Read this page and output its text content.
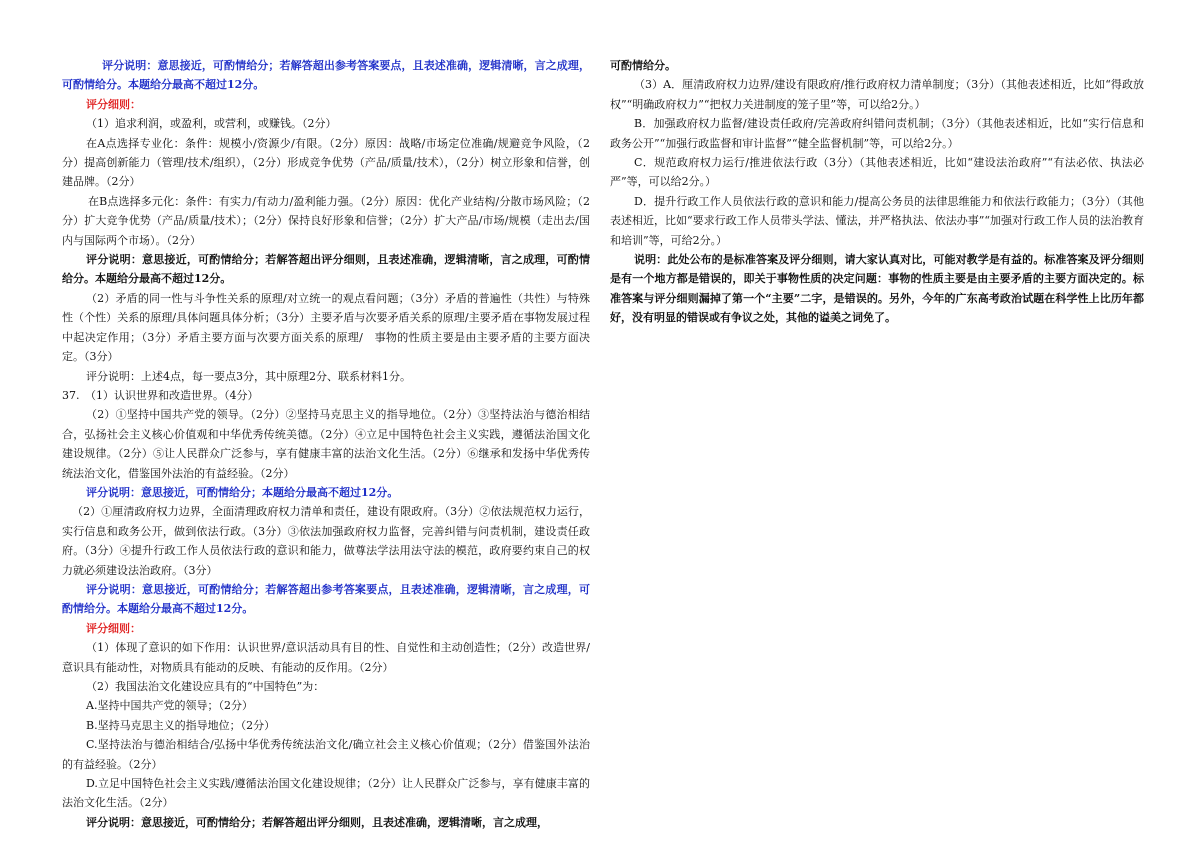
评分说明：意思接近，可酌情给分；若解答超出参考答案要点，且表述准确，逻辑清晰，言之成理，可酌情给分。本题给分最高不超过12分。

评分细则：

（1）追求利润，或盈利，或营利，或赚钱。（2分）

在A点选择专业化：条件：规模小/资源少/有限。（2分）原因：战略/市场定位准确/规避竞争风险，（2分）提高创新能力（管理/技术/组织），（2分）形成竞争优势（产品/质量/技术），（2分）树立形象和信誉，创建品牌。（2分）

在B点选择多元化：条件：有实力/有动力/盈利能力强。（2分）原因：优化产业结构/分散市场风险；（2分）扩大竞争优势（产品/质量/技术）；（2分）保持良好形象和信誉；（2分）扩大产品/市场/规模（走出去/国内与国际两个市场）。（2分）

评分说明：意思接近，可酌情给分；若解答超出评分细则，且表述准确，逻辑清晰，言之成理，可酌情给分。本题给分最高不超过12分。

（2）矛盾的同一性与斗争性关系的原理/对立统一的观点看问题；（3分）矛盾的普遍性（共性）与特殊性（个性）关系的原理/具体问题具体分析；（3分）主要矛盾与次要矛盾关系的原理/主要矛盾在事物发展过程中起决定作用；（3分）矛盾主要方面与次要方面关系的原理/　事物的性质主要是由主要矛盾的主要方面决定。（3分）

评分说明：上述4点，每一要点3分，其中原理2分、联系材料1分。

37.　（1）认识世界和改造世界。（4分）

（2）①坚持中国共产党的领导。（2分）②坚持马克思主义的指导地位。（2分）③坚持法治与德治相结合，弘扬社会主义核心价值观和中华优秀传统美德。（2分）④立足中国特色社会主义实践，遵循法治国文化建设规律。（2分）⑤让人民群众广泛参与，享有健康丰富的法治文化生活。（2分）⑥继承和发扬中华优秀传统法治文化，借鉴国外法治的有益经验。（2分）

评分说明：意思接近，可酌情给分；本题给分最高不超过12分。

（2）①厘清政府权力边界，全面清理政府权力清单和责任，建设有限政府。（3分）②依法规范权力运行，实行信息和政务公开，做到依法行政。（3分）③依法加强政府权力监督，完善纠错与问责机制，建设责任政府。（3分）④提升行政工作人员依法行政的意识和能力，做尊法学法用法守法的模范，政府要约束自己的权力就必须建设法治政府。（3分）

评分说明：意思接近，可酌情给分；若解答超出参考答案要点，且表述准确，逻辑清晰，言之成理，可酌情给分。本题给分最高不超过12分。

评分细则：

（1）体现了意识的如下作用：认识世界/意识活动具有目的性、自觉性和主动创造性；（2分）改造世界/意识具有能动性，对物质具有能动的反映、有能动的反作用。（2分）

（2）我国法治文化建设应具有的“中国特色”为：

A.坚持中国共产党的领导；（2分）

B.坚持马克思主义的指导地位；（2分）

C.坚持法治与德治相结合/弘扬中华优秀传统法治文化/确立社会主义核心价值观；（2分）借鉴国外法治的有益经验。（2分）

D.立足中国特色社会主义实践/遵循法治国文化建设规律；（2分）让人民群众广泛参与，享有健康丰富的法治文化生活。（2分）

评分说明：意思接近，可酌情给分；若解答超出评分细则，且表述准确，逻辑清晰，言之成理，

可酌情给分。

（3）A．厘清政府权力边界/建设有限政府/推行政府权力清单制度；（3分）（其他表述相近，比如“得政放权”“明确政府权力”“把权力关进制度的笼子里”等，可以给2分。）

B．加强政府权力监督/建设责任政府/完善政府纠错问责机制；（3分）（其他表述相近，比如“实行信息和政务公开”“加强行政监督和审计监督”“健全监督机制”等，可以给2分。）

C．规范政府权力运行/推进依法行政（3分）（其他表述相近，比如“建设法治政府”“有法必依、执法必严”等，可以给2分。）

D．提升行政工作人员依法行政的意识和能力/提高公务员的法律思维能力和依法行政能力；（3分）（其他表述相近，比如“要求行政工作人员带头学法、懂法，并严格执法、依法办事”“加强对行政工作人员的法治教育和培训”等，可给2分。）

说明：此处公布的是标准答案及评分细则，请大家认真对比，可能对教学是有益的。标准答案及评分细则是有一个地方都是错误的，即关于事物性质的决定问题：事物的性质主要是由主要矛盾的主要方面决定的。标准答案与评分细则漏掉了第一个“主要”二字，是错误的。另外，今年的广东高考政治试题在科学性上比历年都好，没有明显的错误或有争议之处，其他的谥美之词免了。
